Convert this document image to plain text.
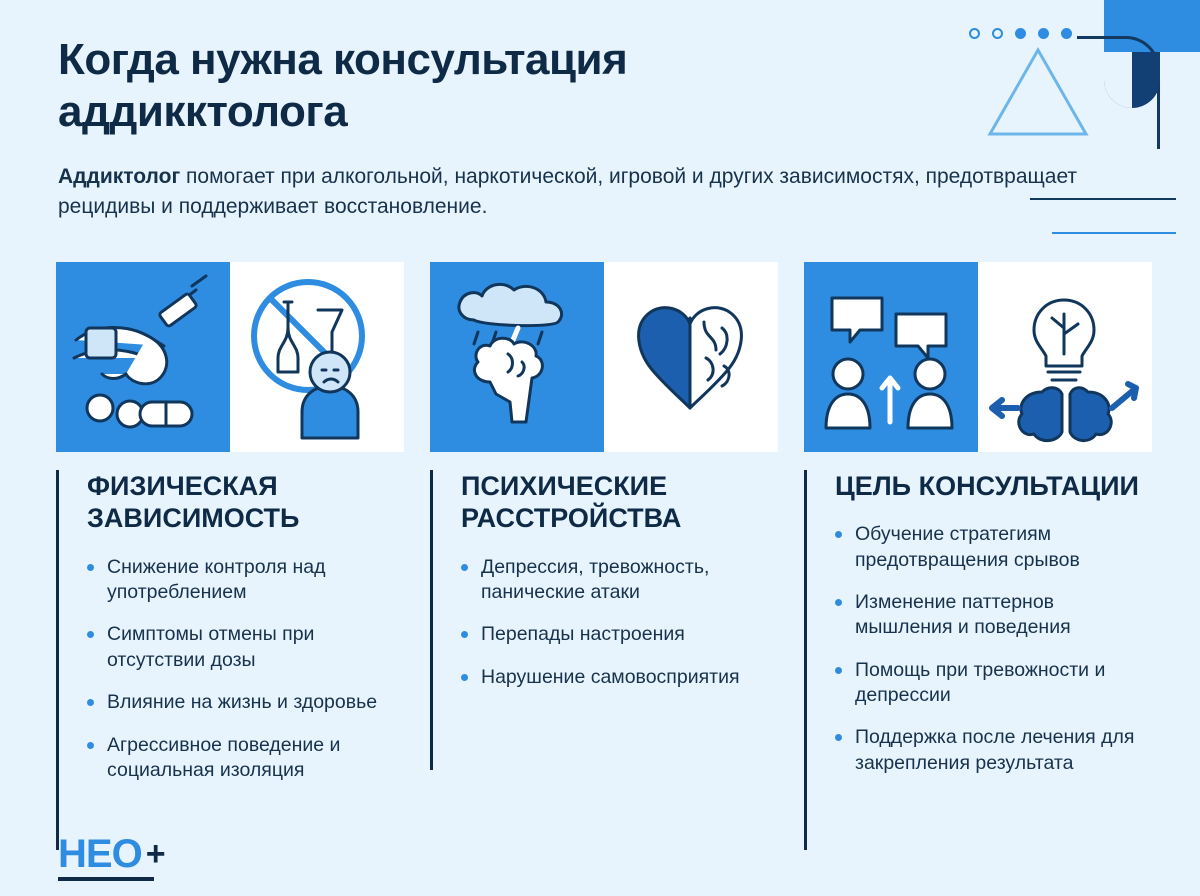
Когда нужна консультация аддикктолога

Аддиктолог помогает при алкогольной, наркотической, игровой и других зависимостях, предотвращает рецидивы и поддерживает восстановление.

ФИЗИЧЕСКАЯ ЗАВИСИМОСТЬ
Снижение контроля над употреблением
Симптомы отмены при отсутствии дозы
Влияние на жизнь и здоровье
Агрессивное поведение и социальная изоляция
ПСИХИЧЕСКИЕ РАССТРОЙСТВА
Депрессия, тревожность, панические атаки
Перепады настроения
Нарушение самовосприятия
ЦЕЛЬ КОНСУЛЬТАЦИИ
Обучение стратегиям предотвращения срывов
Изменение паттернов мышления и поведения
Помощь при тревожности и депрессии
Поддержка после лечения для закрепления результата
НЕО +
